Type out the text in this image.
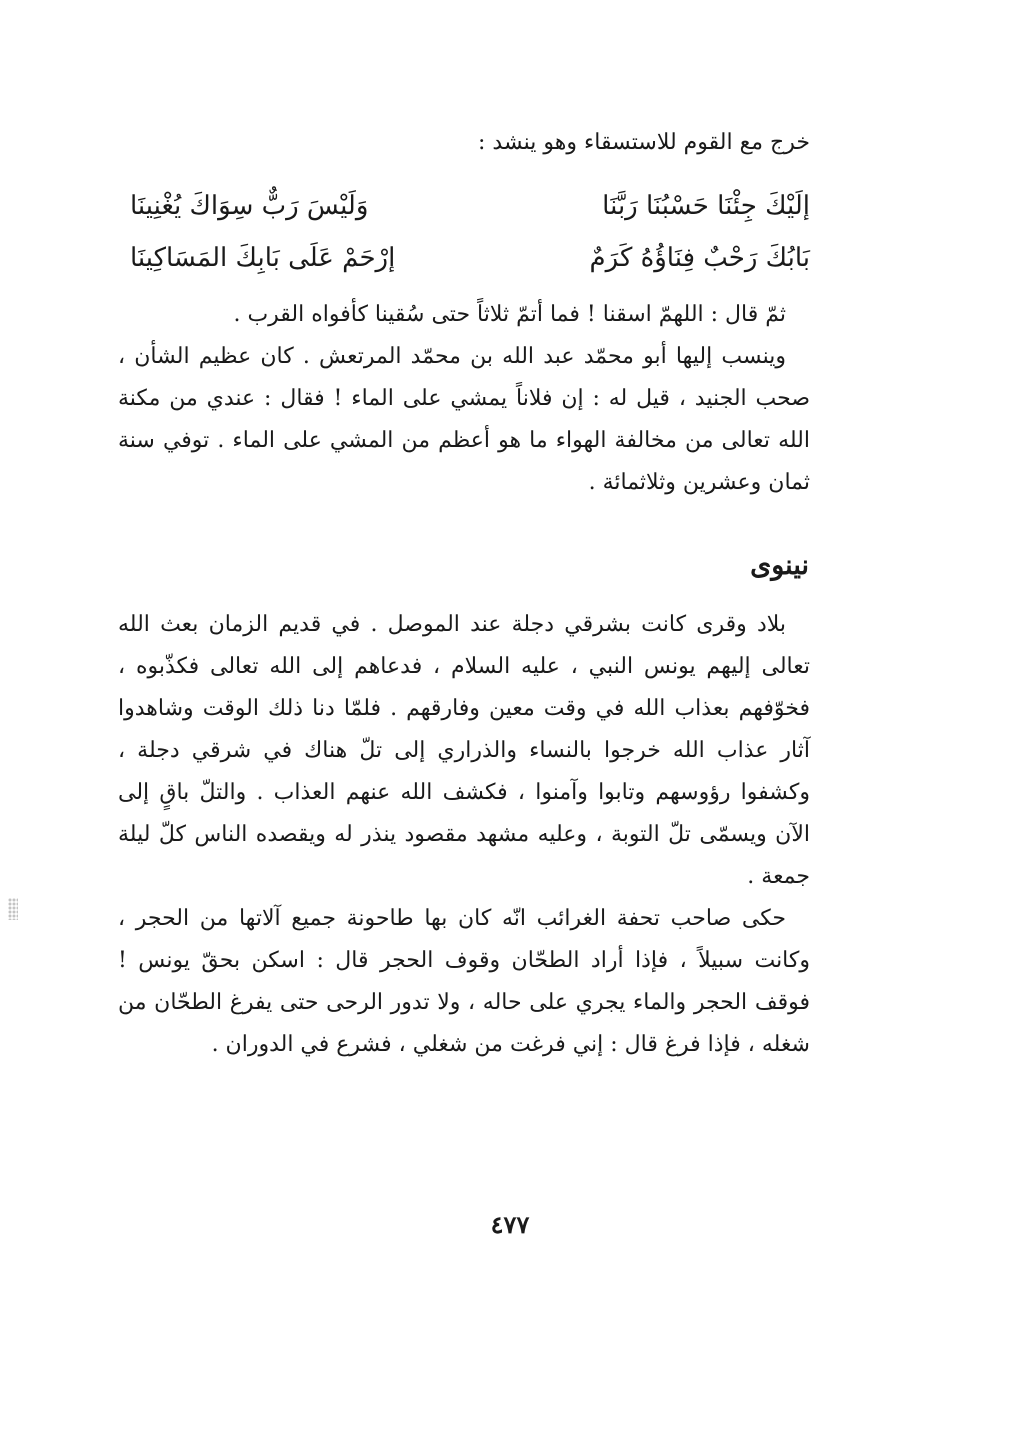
خرج مع القوم للاستسقاء وهو ينشد :

إلَيْكَ جِئْنَا حَسْبُنَا رَبَّنَا
وَلَيْسَ رَبٌّ سِوَاكَ يُغْنِينَا
بَابُكَ رَحْبٌ فِنَاؤُهُ كَرَمٌ
إرْحَمْ عَلَى بَابِكَ المَسَاكِينَا

ثمّ قال : اللهمّ اسقنا ! فما أتمّ ثلاثاً حتى سُقينا كأفواه القرب .

وينسب إليها أبو محمّد عبد الله بن محمّد المرتعش . كان عظيم الشأن ، صحب الجنيد ، قيل له : إن فلاناً يمشي على الماء ! فقال : عندي من مكنة الله تعالى من مخالفة الهواء ما هو أعظم من المشي على الماء . توفي سنة ثمان وعشرين وثلاثمائة .

نينوى

بلاد وقرى كانت بشرقي دجلة عند الموصل . في قديم الزمان بعث الله تعالى إليهم يونس النبي ، عليه السلام ، فدعاهم إلى الله تعالى فكذّبوه ، فخوّفهم بعذاب الله في وقت معين وفارقهم . فلمّا دنا ذلك الوقت وشاهدوا آثار عذاب الله خرجوا بالنساء والذراري إلى تلّ هناك في شرقي دجلة ، وكشفوا رؤوسهم وتابوا وآمنوا ، فكشف الله عنهم العذاب . والتلّ باقٍ إلى الآن ويسمّى تلّ التوبة ، وعليه مشهد مقصود ينذر له ويقصده الناس كلّ ليلة جمعة .

حكى صاحب تحفة الغرائب انّه كان بها طاحونة جميع آلاتها من الحجر ، وكانت سبيلاً ، فإذا أراد الطحّان وقوف الحجر قال : اسكن بحقّ يونس ! فوقف الحجر والماء يجري على حاله ، ولا تدور الرحى حتى يفرغ الطحّان من شغله ، فإذا فرغ قال : إني فرغت من شغلي ، فشرع في الدوران .

٤٧٧
